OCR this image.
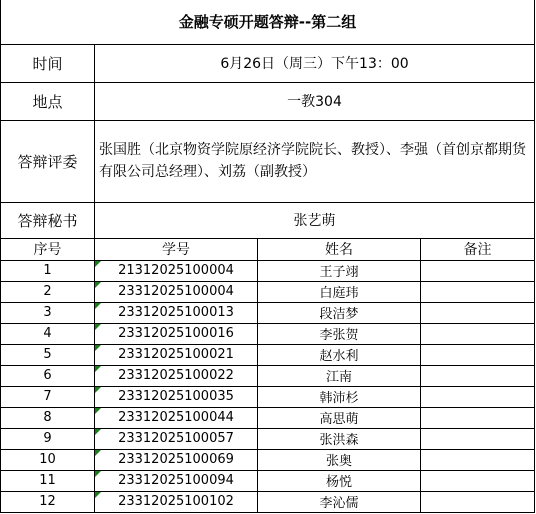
金融专硕开题答辩--第二组			
时间	6月26日（周三）下午13：00		
地点	一教304		
答辩评委	张国胜（北京物资学院原经济学院院长、教授）、李强（首创京都期货有限公司总经理）、刘荔（副教授）		
答辩秘书	张艺萌		
序号	学号	姓名	备注
1	21312025100004	王子翊	
2	23312025100004	白庭玮	
3	23312025100013	段洁梦	
4	23312025100016	李张贺	
5	23312025100021	赵水利	
6	23312025100022	江南	
7	23312025100035	韩沛杉	
8	23312025100044	高思萌	
9	23312025100057	张洪森	
10	23312025100069	张奥	
11	23312025100094	杨悦	
12	23312025100102	李沁儒	
